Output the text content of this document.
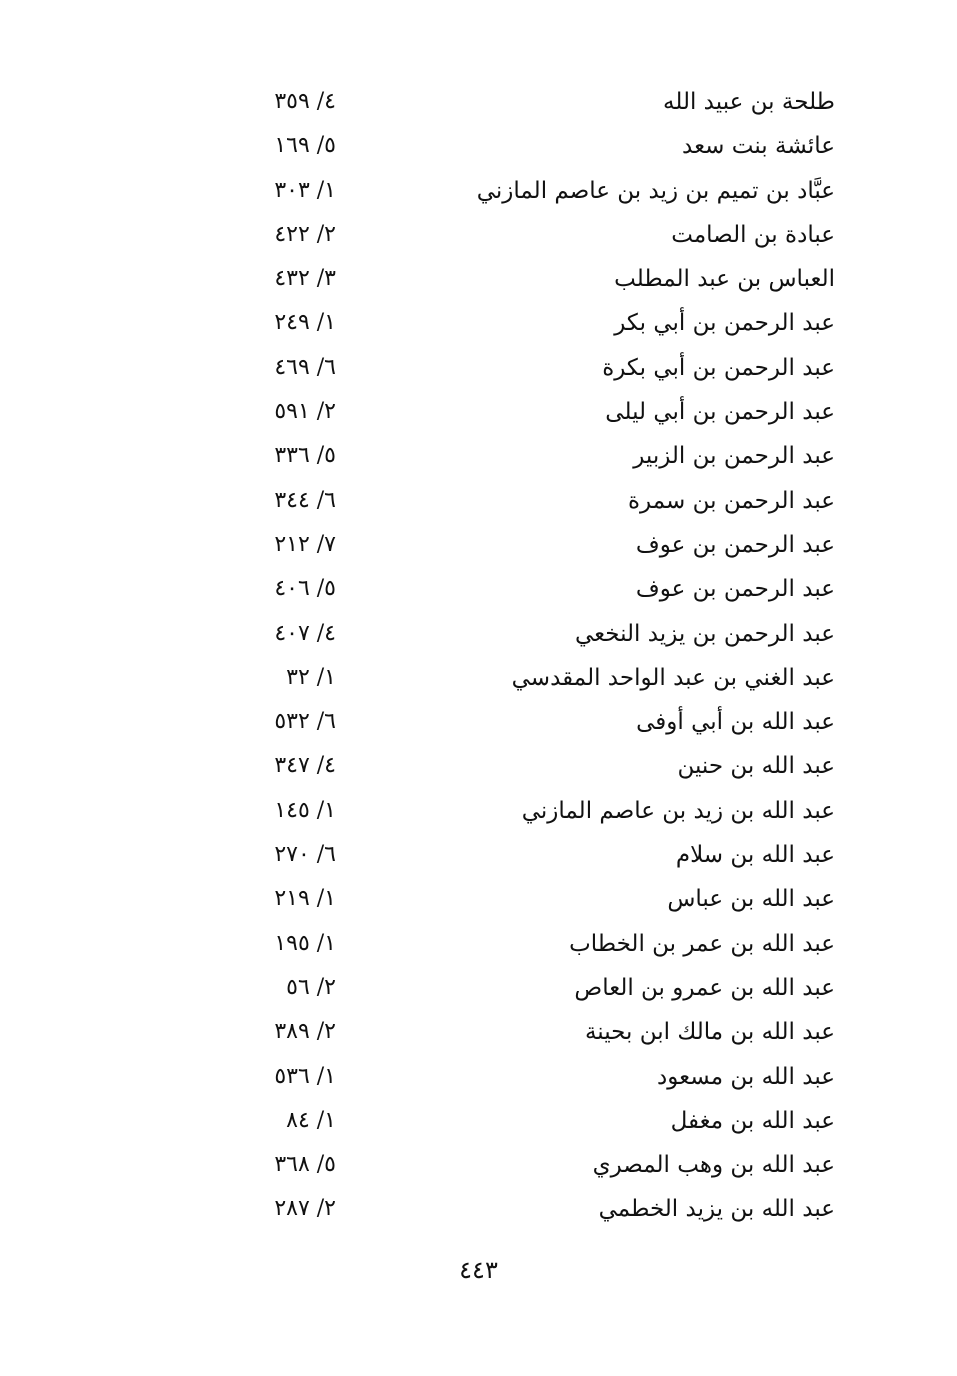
طلحة بن عبيد الله
٤/ ٣٥٩
عائشة بنت سعد
٥/ ١٦٩
عبَّاد بن تميم بن زيد بن عاصم المازني
١/ ٣٠٣
عبادة بن الصامت
٢/ ٤٢٢
العباس بن عبد المطلب
٣/ ٤٣٢
عبد الرحمن بن أبي بكر
١/ ٢٤٩
عبد الرحمن بن أبي بكرة
٦/ ٤٦٩
عبد الرحمن بن أبي ليلى
٢/ ٥٩١
عبد الرحمن بن الزبير
٥/ ٣٣٦
عبد الرحمن بن سمرة
٦/ ٣٤٤
عبد الرحمن بن عوف
٧/ ٢١٢
عبد الرحمن بن عوف
٥/ ٤٠٦
عبد الرحمن بن يزيد النخعي
٤/ ٤٠٧
عبد الغني بن عبد الواحد المقدسي
١/ ٣٢
عبد الله بن أبي أوفى
٦/ ٥٣٢
عبد الله بن حنين
٤/ ٣٤٧
عبد الله بن زيد بن عاصم المازني
١/ ١٤٥
عبد الله بن سلام
٦/ ٢٧٠
عبد الله بن عباس
١/ ٢١٩
عبد الله بن عمر بن الخطاب
١/ ١٩٥
عبد الله بن عمرو بن العاص
٢/ ٥٦
عبد الله بن مالك ابن بحينة
٢/ ٣٨٩
عبد الله بن مسعود
١/ ٥٣٦
عبد الله بن مغفل
١/ ٨٤
عبد الله بن وهب المصري
٥/ ٣٦٨
عبد الله بن يزيد الخطمي
٢/ ٢٨٧
٤٤٣
